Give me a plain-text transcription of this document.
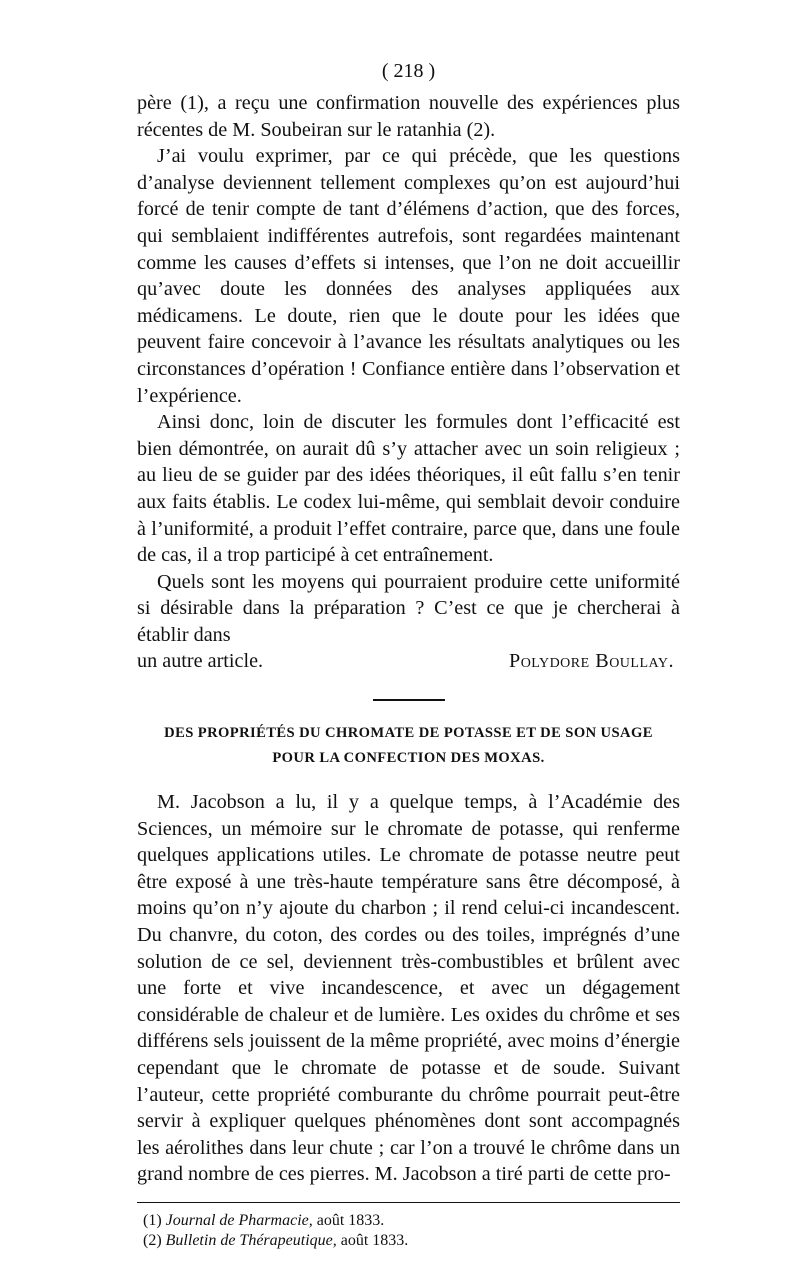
( 218 )

père (1), a reçu une confirmation nouvelle des expériences plus récentes de M. Soubeiran sur le ratanhia (2).

J’ai voulu exprimer, par ce qui précède, que les questions d’analyse deviennent tellement complexes qu’on est aujourd’hui forcé de tenir compte de tant d’élémens d’action, que des forces, qui semblaient indifférentes autrefois, sont regardées maintenant comme les causes d’effets si intenses, que l’on ne doit accueillir qu’avec doute les données des analyses appliquées aux médicamens. Le doute, rien que le doute pour les idées que peuvent faire concevoir à l’avance les résultats analytiques ou les circonstances d’opération ! Confiance entière dans l’observation et l’expérience.

Ainsi donc, loin de discuter les formules dont l’efficacité est bien démontrée, on aurait dû s’y attacher avec un soin religieux ; au lieu de se guider par des idées théoriques, il eût fallu s’en tenir aux faits établis. Le codex lui-même, qui semblait devoir conduire à l’uniformité, a produit l’effet contraire, parce que, dans une foule de cas, il a trop participé à cet entraînement.

Quels sont les moyens qui pourraient produire cette uniformité si désirable dans la préparation ? C’est ce que je chercherai à établir dans

un autre article.	Polydore Boullay.
DES PROPRIÉTÉS DU CHROMATE DE POTASSE ET DE SON USAGE
POUR LA CONFECTION DES MOXAS.

M. Jacobson a lu, il y a quelque temps, à l’Académie des Sciences, un mémoire sur le chromate de potasse, qui renferme quelques applications utiles. Le chromate de potasse neutre peut être exposé à une très-haute température sans être décomposé, à moins qu’on n’y ajoute du charbon ; il rend celui-ci incandescent. Du chanvre, du coton, des cordes ou des toiles, imprégnés d’une solution de ce sel, deviennent très-combustibles et brûlent avec une forte et vive incandescence, et avec un dégagement considérable de chaleur et de lumière. Les oxides du chrôme et ses différens sels jouissent de la même propriété, avec moins d’énergie cependant que le chromate de potasse et de soude. Suivant l’auteur, cette propriété comburante du chrôme pourrait peut-être servir à expliquer quelques phénomènes dont sont accompagnés les aérolithes dans leur chute ; car l’on a trouvé le chrôme dans un grand nombre de ces pierres. M. Jacobson a tiré parti de cette pro-

(1) Journal de Pharmacie, août 1833.
(2) Bulletin de Thérapeutique, août 1833.
